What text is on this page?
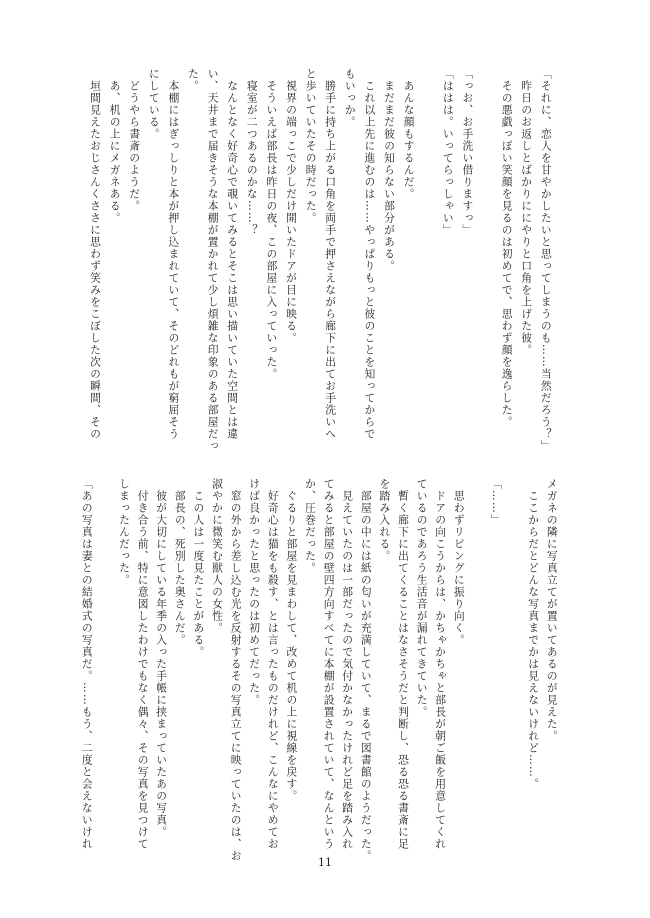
「それに、恋人を甘やかしたいと思ってしまうのも……当然だろう？」
　昨日のお返しとばかりににやりと口角を上げた彼。
　その悪戯っぽい笑顔を見るのは初めてで、思わず顔を逸らした。
「っお、お手洗い借りますっ」
「ははは。いってらっしゃい」
　あんな顔もするんだ。
　まだまだ彼の知らない部分がある。
　これ以上先に進むのは……やっぱりもっと彼のことを知ってからで
もいっか。
　勝手に持ち上がる口角を両手で押さえながら廊下に出てお手洗いへ
と歩いていたその時だった。
　視界の端っこで少しだけ開いたドアが目に映る。
　そういえば部長は昨日の夜、この部屋に入っていった。
　寝室が二つあるのかな……？
　なんとなく好奇心で覗いてみるとそこは思い描いていた空間とは違
い、天井まで届きそうな本棚が置かれて少し煩雑な印象のある部屋だっ
た。
　本棚にはぎっしりと本が押し込まれていて、そのどれもが窮屈そう
にしている。
　どうやら書斎のようだ。
　あ、机の上にメガネある。
　垣間見えたおじさんくささに思わず笑みをこぼした次の瞬間、その
メガネの隣に写真立てが置いてあるのが見えた。
　ここからだとどんな写真までかは見えないけれど……。
「……」
　思わずリビングに振り向く。
　ドアの向こうからは、かちゃかちゃと部長が朝ご飯を用意してくれ
ているのであろう生活音が漏れてきていた。
　暫く廊下に出てくることはなさそうだと判断し、恐る恐る書斎に足
を踏み入れる。
　部屋の中には紙の匂いが充満していて、まるで図書館のようだった。
　見えていたのは一部だったので気付かなかったけれど足を踏み入れ
てみると部屋の壁四方向すべてに本棚が設置されていて、なんという
か、圧巻だった。
　ぐるりと部屋を見まわして、改めて机の上に視線を戻す。
　好奇心は猫をも殺す、とは言ったものだけれど、こんなにやめてお
けば良かったと思ったのは初めてだった。
　窓の外から差し込む光を反射するその写真立てに映っていたのは、お
淑やかに微笑む獣人の女性。
　この人は一度見たことがある。
　部長の、死別した奥さんだ。
　彼が大切にしている年季の入った手帳に挟まっていたあの写真。
　付き合う前、特に意図したわけでもなく偶々、その写真を見つけて
しまったんだった。
「あの写真は妻との結婚式の写真だ。……もう、二度と会えないけれ
11
